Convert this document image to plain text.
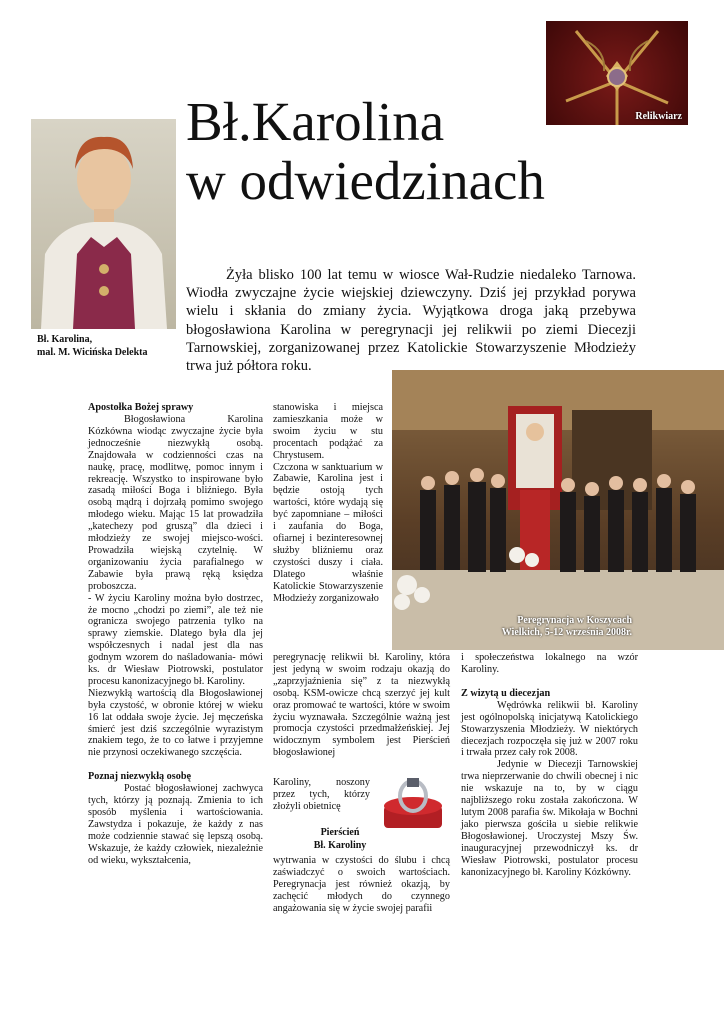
Bł.Karolina
w odwiedzinach
Żyła blisko 100 lat temu w wiosce Wał-Rudzie niedaleko Tarnowa. Wiodła zwyczajne życie wiejskiej dziewczyny. Dziś jej przykład porywa wielu i skłania do zmiany życia. Wyjątkowa droga jaką przebywa błogosławiona Karolina w peregrynacji jej relikwii po ziemi Diecezji Tarnowskiej, zorganizowanej przez Katolickie Stowarzyszenie Młodzieży trwa już półtora roku.
Bł. Karolina,
mal. M. Wicińska Delekta
Relikwiarz
Peregrynacja w Koszycach
Wielkich, 5-12 września 2008r.
Apostołka Bożej sprawy

Błogosławiona Karolina Kózkówna wiodąc zwyczajne życie była jednocześnie niezwykłą osobą. Znajdowała w codzienności czas na naukę, pracę, modlitwę, pomoc innym i rekreację. Wszystko to inspirowane było zasadą miłości Boga i bliźniego. Była osobą mądrą i dojrzałą pomimo swojego młodego wieku. Mając 15 lat prowadziła „katechezy pod gruszą” dla dzieci i młodzieży ze swojej miejsco-wości. Prowadziła wiejską czytelnię. W organizowaniu życia parafialnego w Zabawie była prawą ręką księdza proboszcza.

- W życiu Karoliny można było dostrzec, że mocno „chodzi po ziemi”, ale też nie ogranicza swojego patrzenia tylko na sprawy ziemskie. Dlatego była dla jej współczesnych i nadal jest dla nas godnym wzorem do naśladowania- mówi ks. dr Wiesław Piotrowski, postulator procesu kanonizacyjnego bł. Karoliny.

Niezwykłą wartością dla Błogosławionej była czystość, w obronie której w wieku 16 lat oddała swoje życie. Jej męczeńska śmierć jest dziś szczególnie wyrazistym znakiem tego, że to co łatwe i przyjemne nie przynosi oczekiwanego szczęścia.

Poznaj niezwykłą osobę

Postać błogosławionej zachwyca tych, którzy ją poznają. Zmienia to ich sposób myślenia i wartościowania. Zawstydza i pokazuje, że każdy z nas może codziennie stawać się lepszą osobą. Wskazuje, że każdy człowiek, niezależnie od wieku, wykształcenia,

stanowiska i miejsca zamieszkania może w swoim życiu w stu procentach podążać za Chrystusem.

Czczona w sanktuarium w Zabawie, Karolina jest i będzie ostoją tych wartości, które wydają się być zapomniane – miłości i zaufania do Boga, ofiarnej i bezinteresownej służby bliźniemu oraz czystości duszy i ciała. Dlatego właśnie Katolickie Stowarzyszenie Młodzieży zorganizowało

peregrynację relikwii bł. Karoliny, która jest jedyną w swoim rodzaju okazją do „zaprzyjaźnienia się” z ta niezwykłą osobą. KSM-owicze chcą szerzyć jej kult oraz promować te wartości, które w swoim życiu wyznawała. Szczególnie ważną jest promocja czystości przedmałżeńskiej. Jej widocznym symbolem jest Pierścień błogosławionej

Karoliny, noszony przez tych, którzy złożyli obietnicę

Pierścień
Bł. Karoliny

wytrwania w czystości do ślubu i chcą zaświadczyć o swoich wartościach. Peregrynacja jest również okazją, by zachęcić młodych do czynnego angażowania się w życie swojej parafii

i społeczeństwa lokalnego na wzór Karoliny.

Z wizytą u diecezjan

Wędrówka relikwii bł. Karoliny jest ogólnopolską inicjatywą Katolickiego Stowarzyszenia Młodzieży. W niektórych diecezjach rozpoczęła się już w 2007 roku i trwała przez cały rok 2008.

Jedynie w Diecezji Tarnowskiej trwa nieprzerwanie do chwili obecnej i nic nie wskazuje na to, by w ciągu najbliższego roku została zakończona. W lutym 2008 parafia św. Mikołaja w Bochni jako pierwsza gościła u siebie relikwie Błogosławionej. Uroczystej Mszy Św. inauguracyjnej przewodniczył ks. dr Wiesław Piotrowski, postulator procesu kanonizacyjnego bł. Karoliny Kózkówny.
